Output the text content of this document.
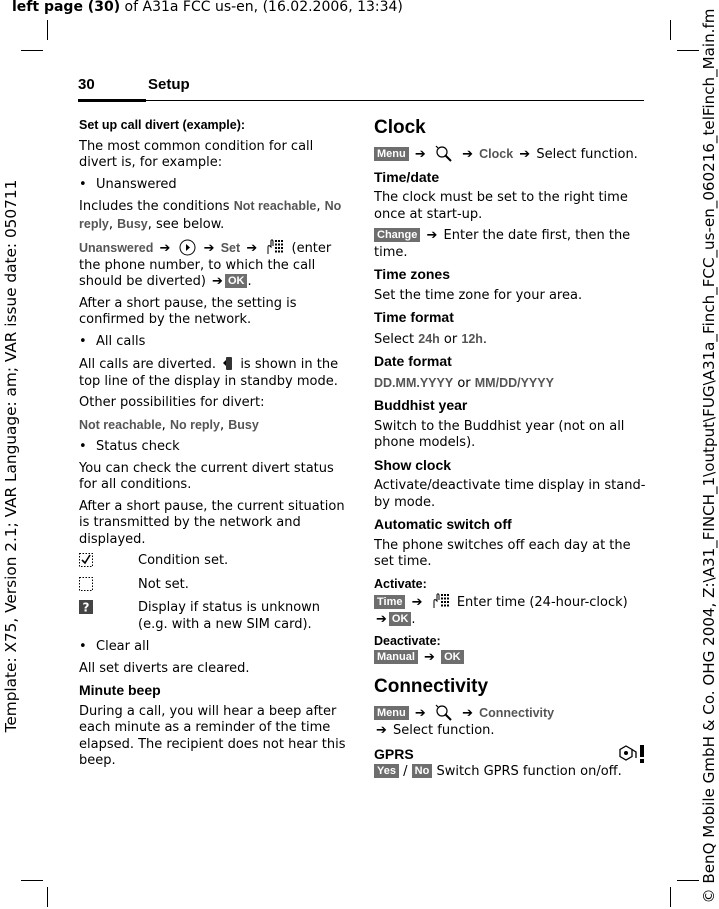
left page (30) of A31a FCC us-en, (16.02.2006, 13:34)
Template: X75, Version 2.1; VAR Language: am; VAR issue date: 050711	© BenQ Mobile GmbH & Co. OHG 2004, Z:\A31_FINCH_1\output\FUG\A31a_Finch_FCC_us-en_060216_telFinch_Main.fm
30	Setup

Set up call divert (example):

The most common condition for call divert is, for example:

• Unanswered

Includes the conditions Not reachable, No reply, Busy, see below.

Unanswered ➔	➔ Set ➔	(enter the phone number, to which the call should be diverted) ➔ OK .

After a short pause, the setting is confirmed by the network.

• All calls

All calls are diverted. is shown in the top line of the display in standby mode.

Other possibilities for divert:

Not reachable, No reply, Busy

• Status check

You can check the current divert status for all conditions.

After a short pause, the current situation is transmitted by the network and displayed.

Condition set.
Not set.
?	Display if status is unknown (e.g. with a new SIM card).

• Clear all

All set diverts are cleared.

Minute beep

During a call, you will hear a beep after each minute as a reminder of the time elapsed. The recipient does not hear this beep.

Clock

Menu ➔	➔ Clock ➔ Select function.

Time/date

The clock must be set to the right time once at start-up.

Change ➔ Enter the date first, then the time.

Time zones

Set the time zone for your area.

Time format

Select 24h or 12h.

Date format

DD.MM.YYYY or MM/DD/YYYY

Buddhist year

Switch to the Buddhist year (not on all phone models).

Show clock

Activate/deactivate time display in stand-by mode.

Automatic switch off

The phone switches off each day at the set time.

Activate:

Time ➔	Enter time (24-hour-clock) ➔ OK .

Deactivate:

Manual ➔ OK

Connectivity

Menu ➔	➔ Connectivity
➔ Select function.

GPRS

Yes / No Switch GPRS function on/off.
